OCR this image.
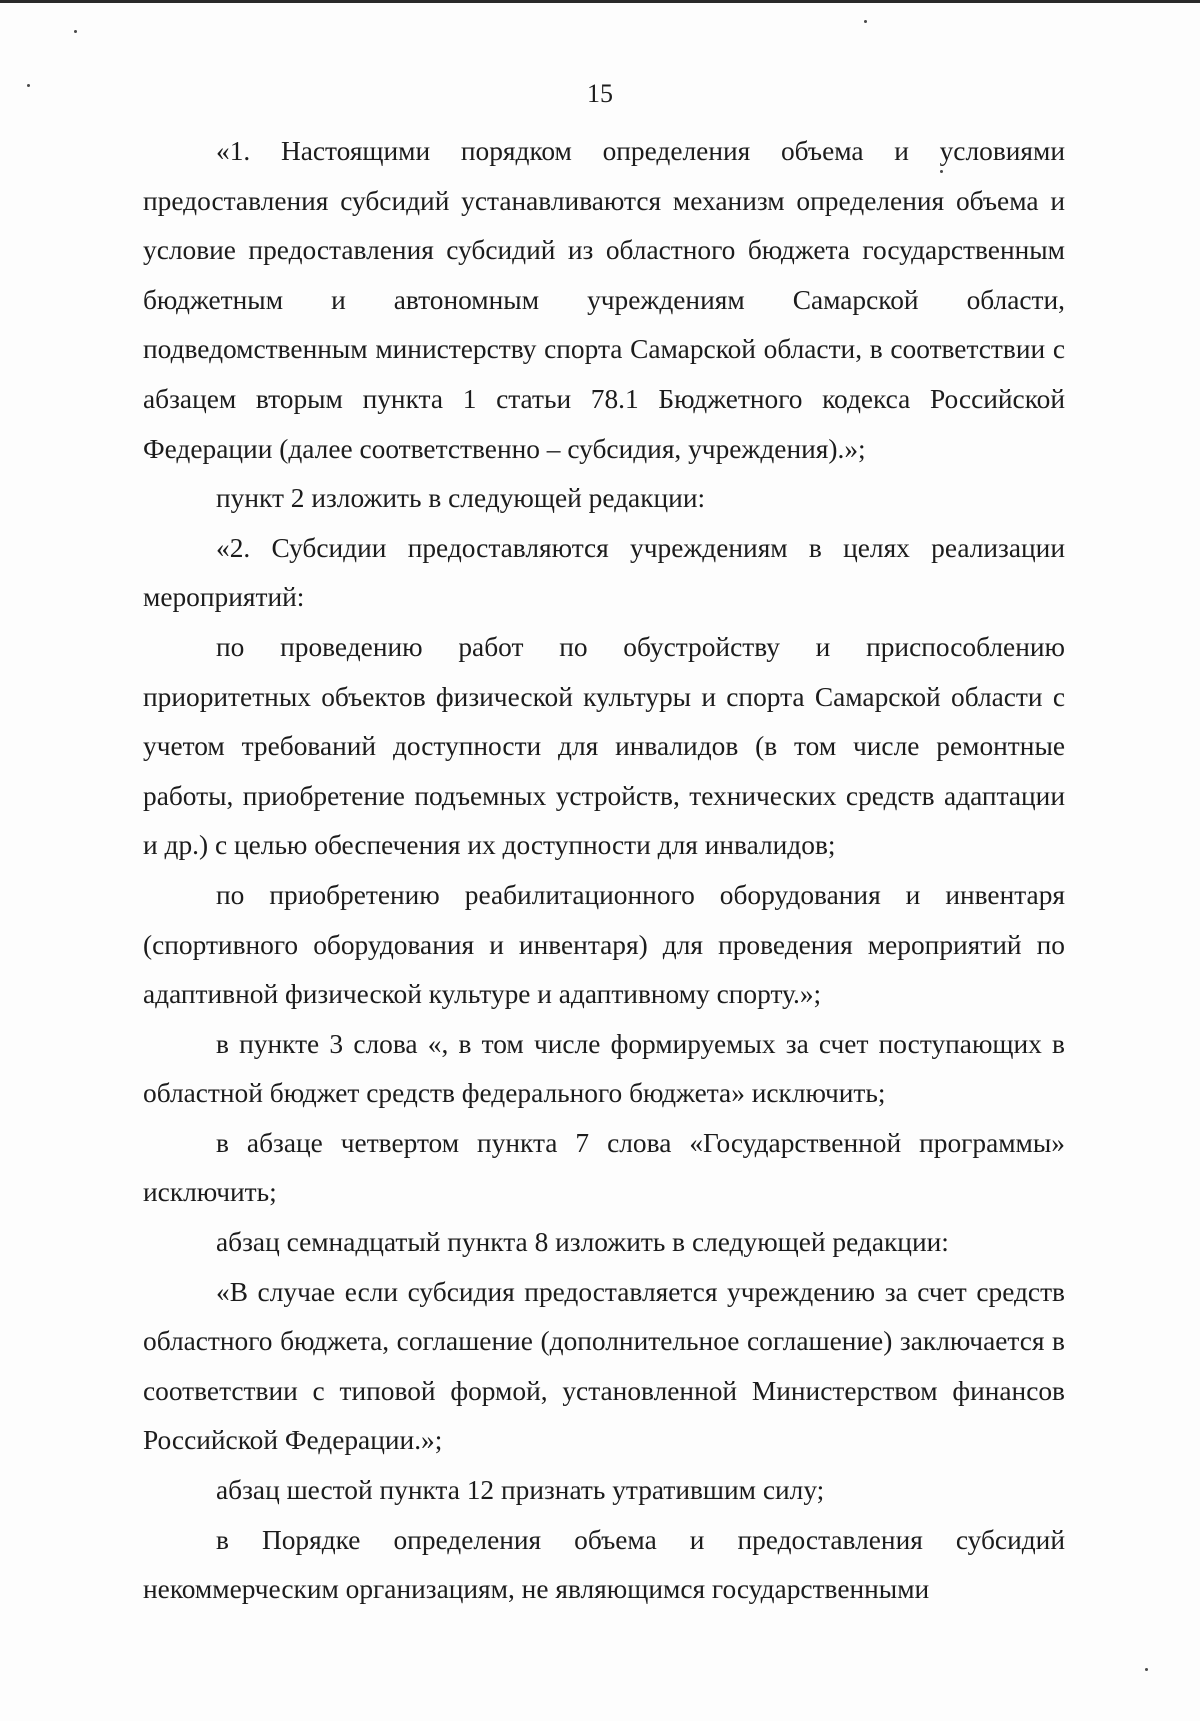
15

«1. Настоящими порядком определения объема и условиями предоставления субсидий устанавливаются механизм определения объема и условие предоставления субсидий из областного бюджета государственным бюджетным и автономным учреждениям Самарской области, подведомственным министерству спорта Самарской области, в соответствии с абзацем вторым пункта 1 статьи 78.1 Бюджетного кодекса Российской Федерации (далее соответственно – субсидия, учреждения).»;

пункт 2 изложить в следующей редакции:

«2. Субсидии предоставляются учреждениям в целях реализации мероприятий:

по проведению работ по обустройству и приспособлению приоритетных объектов физической культуры и спорта Самарской области с учетом требований доступности для инвалидов (в том числе ремонтные работы, приобретение подъемных устройств, технических средств адаптации и др.) с целью обеспечения их доступности для инвалидов;

по приобретению реабилитационного оборудования и инвентаря (спортивного оборудования и инвентаря) для проведения мероприятий по адаптивной физической культуре и адаптивному спорту.»;

в пункте 3 слова «, в том числе формируемых за счет поступающих в областной бюджет средств федерального бюджета» исключить;

в абзаце четвертом пункта 7 слова «Государственной программы» исключить;

абзац семнадцатый пункта 8 изложить в следующей редакции:

«В случае если субсидия предоставляется учреждению за счет средств областного бюджета, соглашение (дополнительное соглашение) заключается в соответствии с типовой формой, установленной Министерством финансов Российской Федерации.»;

абзац шестой пункта 12 признать утратившим силу;

в Порядке определения объема и предоставления субсидий некоммерческим организациям, не являющимся государственными
